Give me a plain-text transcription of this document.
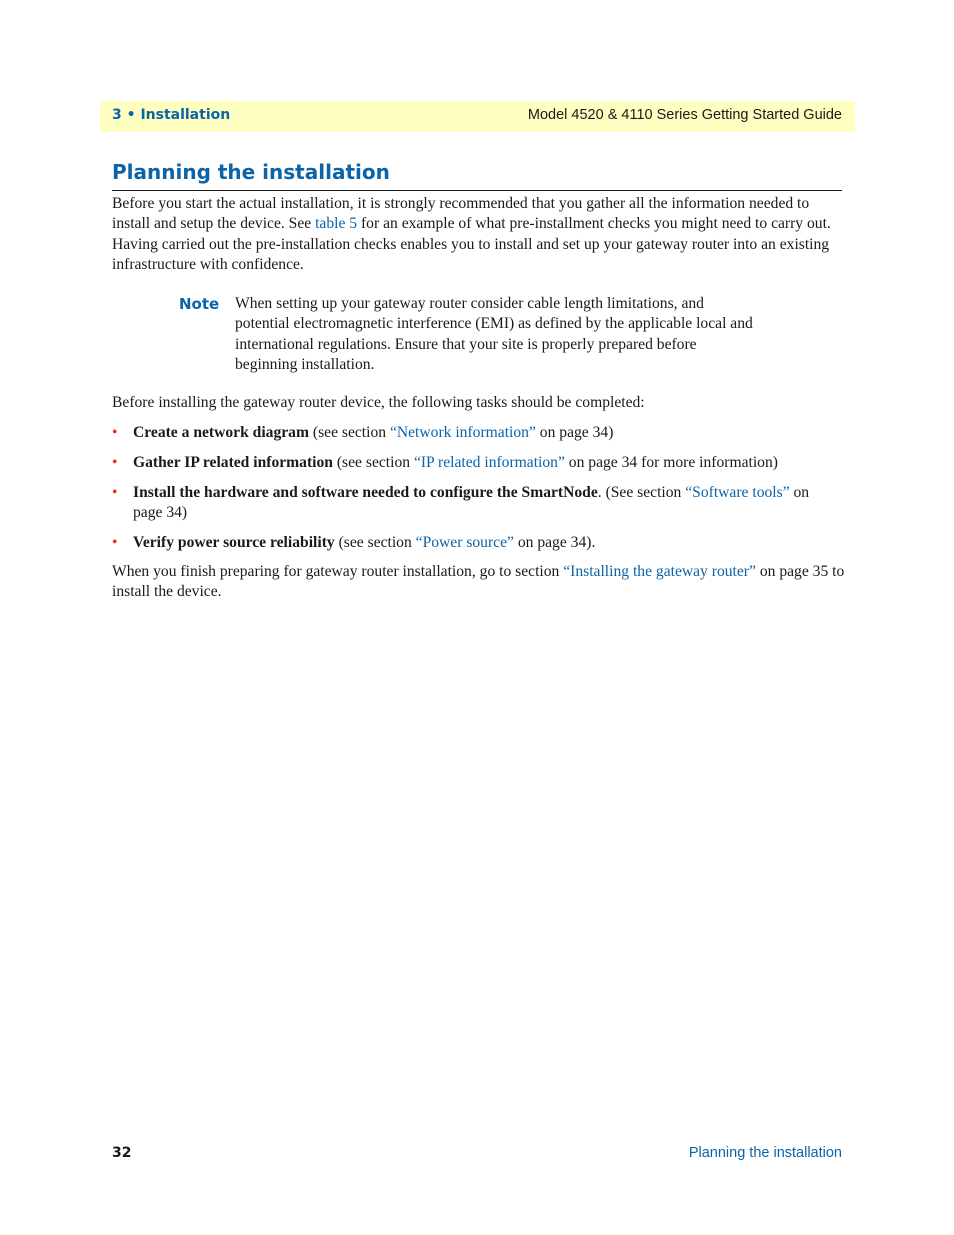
3 • Installation	Model 4520 & 4110 Series Getting Started Guide
Planning the installation

Before you start the actual installation, it is strongly recommended that you gather all the information needed to install and setup the device. See table 5 for an example of what pre-installment checks you might need to carry out. Having carried out the pre-installation checks enables you to install and set up your gateway router into an existing infrastructure with confidence.

Note When setting up your gateway router consider cable length limitations, and potential electromagnetic interference (EMI) as defined by the applicable local and international regulations. Ensure that your site is properly prepared before beginning installation.

Before installing the gateway router device, the following tasks should be completed:

• Create a network diagram (see section “Network information” on page 34)
• Gather IP related information (see section “IP related information” on page 34 for more information)
• Install the hardware and software needed to configure the SmartNode. (See section “Software tools” on page 34)
• Verify power source reliability (see section “Power source” on page 34).

When you finish preparing for gateway router installation, go to section “Installing the gateway router” on page 35 to install the device.

32	Planning the installation
